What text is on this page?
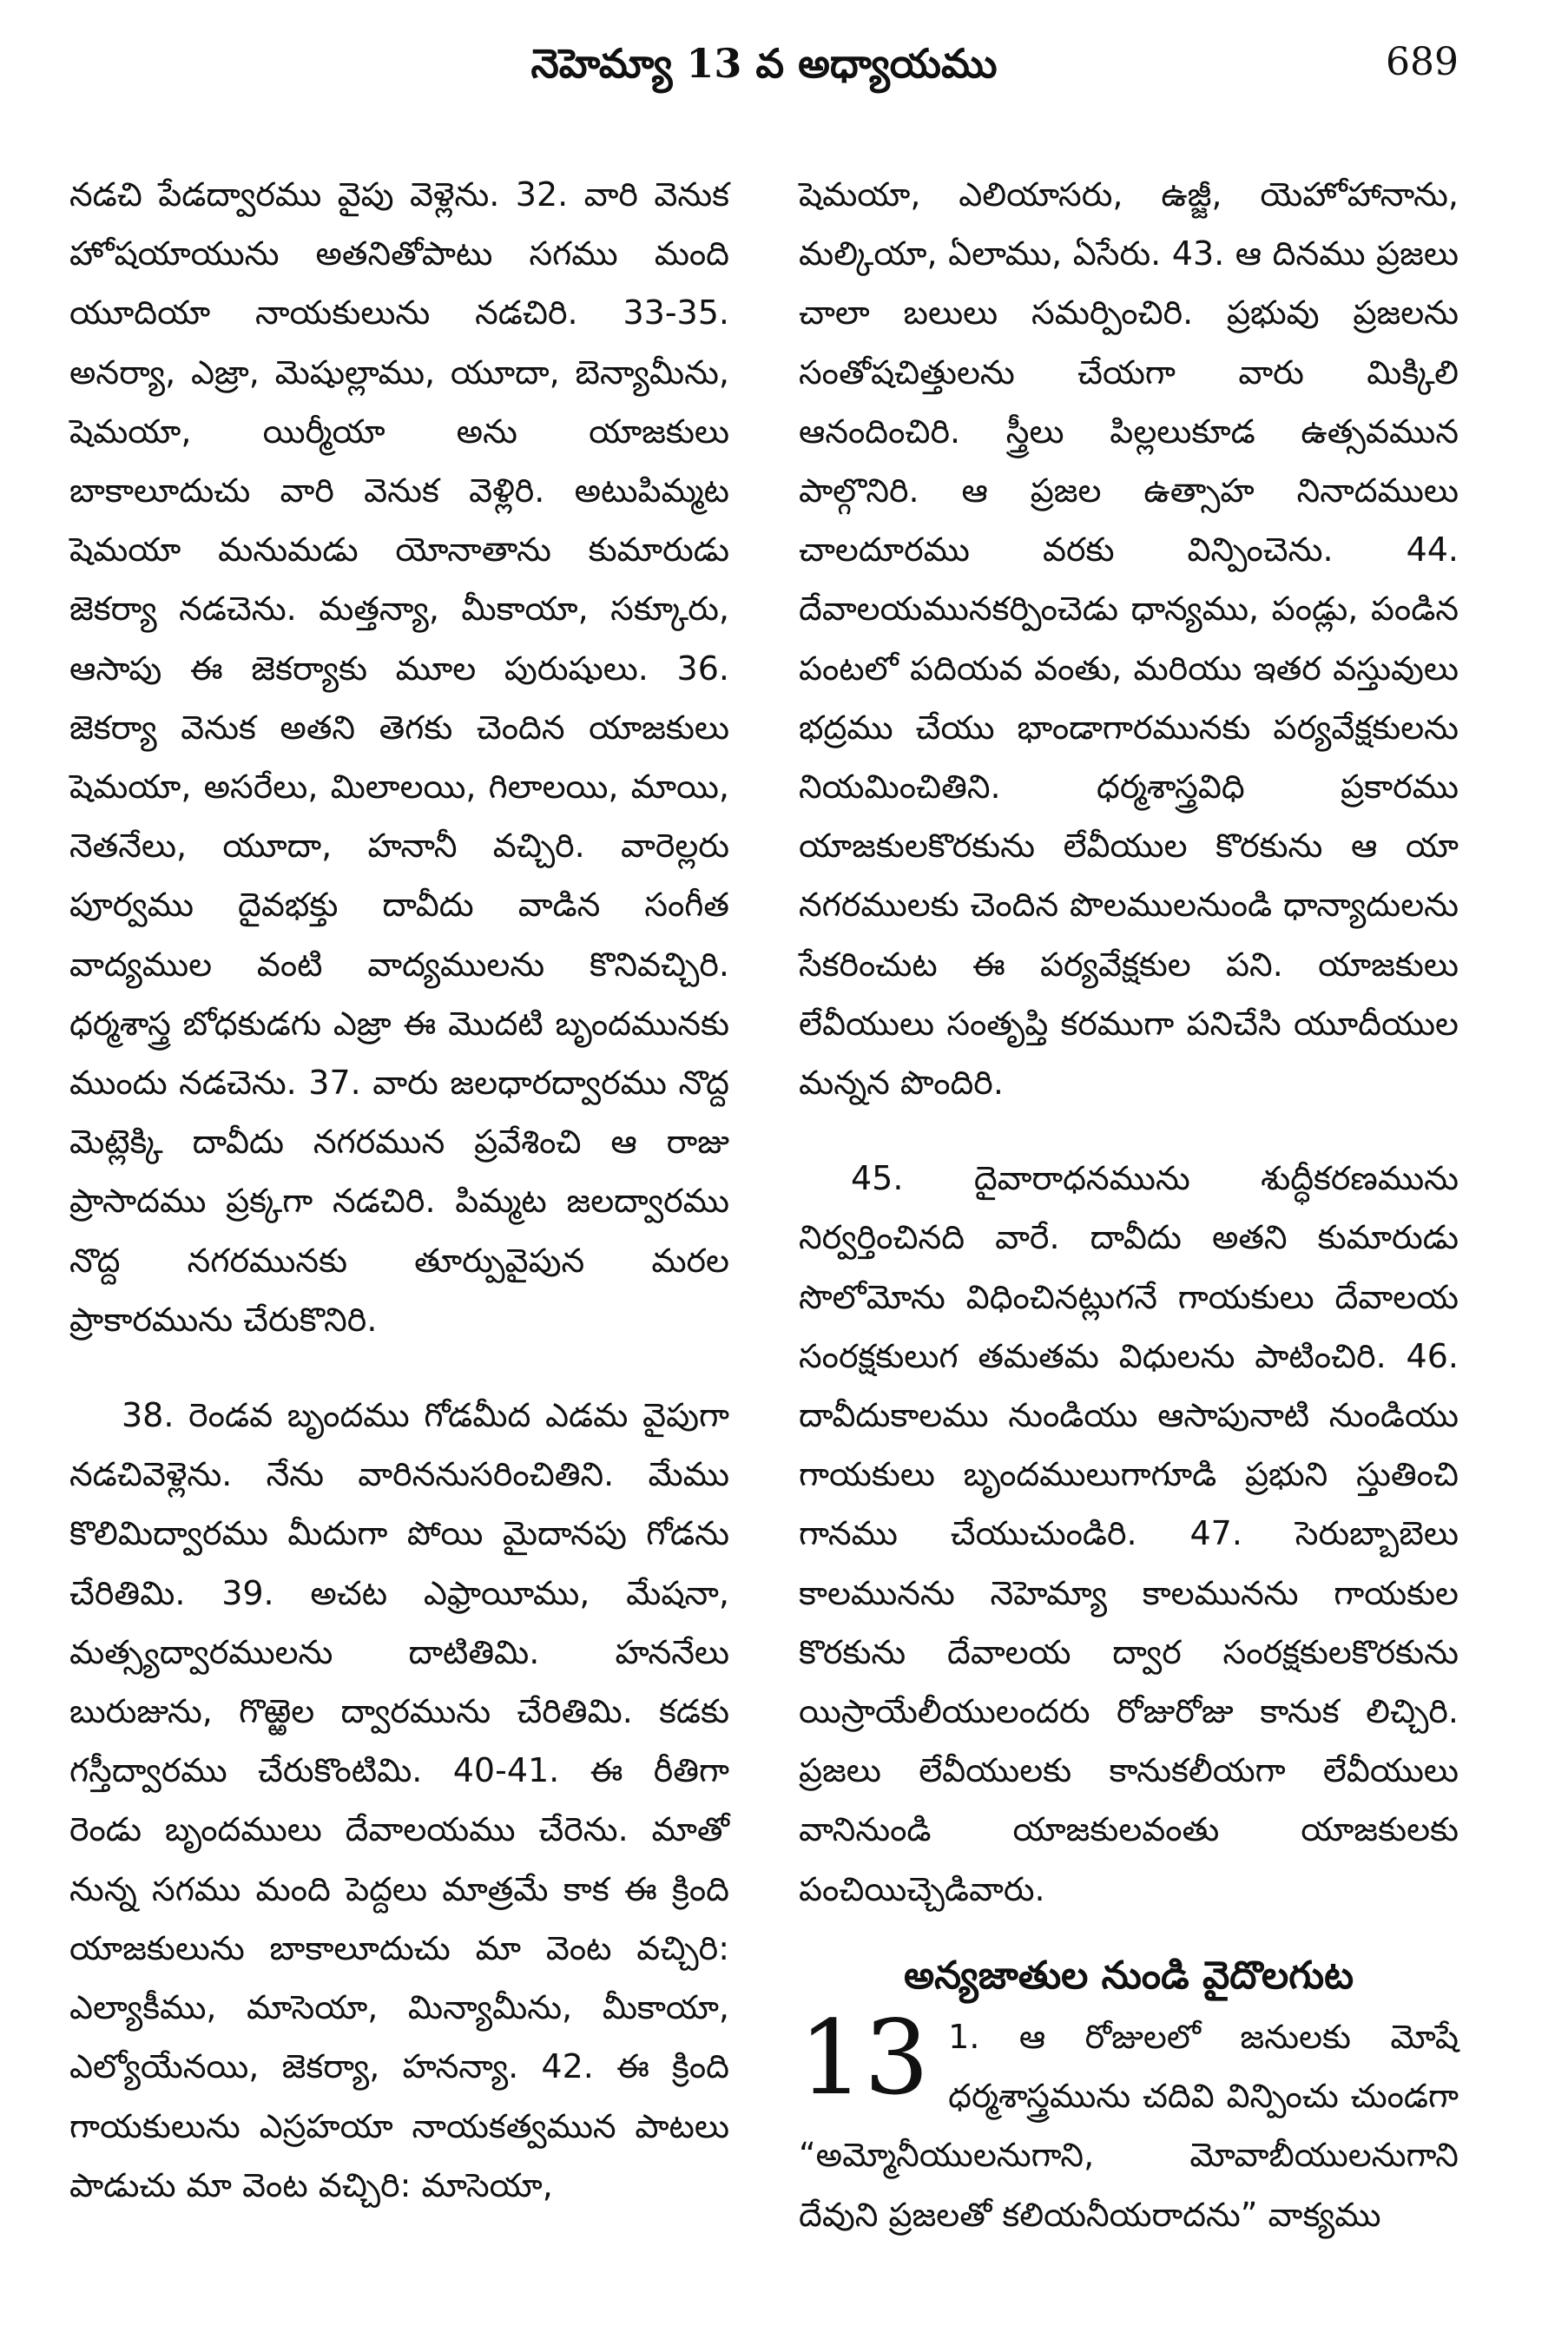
నెహెమ్యా 13 వ అధ్యాయము	689

నడచి పేడద్వారము వైపు వెళ్లెను. 32. వారి వెనుక హోషయాయును అతనితోపాటు సగము మంది యూదియా నాయకులును నడచిరి. 33-35. అనర్యా, ఎజ్రా, మెషుల్లాము, యూదా, బెన్యామీను, షెమయా, యిర్మీయా అను యాజకులు బాకాలూదుచు వారి వెనుక వెళ్లిరి. అటుపిమ్మట షెమయా మనుమడు యోనాతాను కుమారుడు జెకర్యా నడచెను. మత్తన్యా, మీకాయా, సక్కూరు, ఆసాపు ఈ జెకర్యాకు మూల పురుషులు. 36. జెకర్యా వెనుక అతని తెగకు చెందిన యాజకులు షెమయా, అసరేలు, మిలాలయి, గిలాలయి, మాయి, నెతనేలు, యూదా, హనానీ వచ్చిరి. వారెల్లరు పూర్వము దైవభక్తు దావీదు వాడిన సంగీత వాద్యముల వంటి వాద్యములను కొనివచ్చిరి. ధర్మశాస్త్ర బోధకుడగు ఎజ్రా ఈ మొదటి బృందమునకు ముందు నడచెను. 37. వారు జలధారద్వారము నొద్ద మెట్లెక్కి దావీదు నగరమున ప్రవేశించి ఆ రాజు ప్రాసాదము ప్రక్కగా నడచిరి. పిమ్మట జలద్వారము నొద్ద నగరమునకు తూర్పువైపున మరల ప్రాకారమును చేరుకొనిరి.

38. రెండవ బృందము గోడమీద ఎడమ వైపుగా నడచివెళ్లెను. నేను వారిననుసరించితిని. మేము కొలిమిద్వారము మీదుగా పోయి మైదానపు గోడను చేరితిమి. 39. అచట ఎఫ్రాయీము, మేషనా, మత్స్యద్వారములను దాటితిమి. హననేలు బురుజును, గొఱ్ఱెల ద్వారమును చేరితిమి. కడకు గస్తీద్వారము చేరుకొంటిమి. 40-41. ఈ రీతిగా రెండు బృందములు దేవాలయము చేరెను. మాతో నున్న సగము మంది పెద్దలు మాత్రమే కాక ఈ క్రింది యాజకులును బాకాలూదుచు మా వెంట వచ్చిరి: ఎల్యాకీము, మాసెయా, మిన్యామీను, మీకాయా, ఎల్యోయేనయి, జెకర్యా, హనన్యా. 42. ఈ క్రింది గాయకులును ఎస్రహయా నాయకత్వమున పాటలు పాడుచు మా వెంట వచ్చిరి: మాసెయా,

షెమయా, ఎలియాసరు, ఉజ్జీ, యెహోహానాను, మల్కియా, ఏలాము, ఏసేరు. 43. ఆ దినము ప్రజలు చాలా బలులు సమర్పించిరి. ప్రభువు ప్రజలను సంతోషచిత్తులను చేయగా వారు మిక్కిలి ఆనందించిరి. స్త్రీలు పిల్లలుకూడ ఉత్సవమున పాల్గొనిరి. ఆ ప్రజల ఉత్సాహ నినాదములు చాలదూరము వరకు విన్పించెను. 44. దేవాలయమునకర్పించెడు ధాన్యము, పండ్లు, పండిన పంటలో పదియవ వంతు, మరియు ఇతర వస్తువులు భద్రము చేయు భాండాగారమునకు పర్యవేక్షకులను నియమించితిని. ధర్మశాస్త్రవిధి ప్రకారము యాజకులకొరకును లేవీయుల కొరకును ఆ యా నగరములకు చెందిన పొలములనుండి ధాన్యాదులను సేకరించుట ఈ పర్యవేక్షకుల పని. యాజకులు లేవీయులు సంతృప్తి కరముగా పనిచేసి యూదీయుల మన్నన పొందిరి.

45. దైవారాధనమును శుద్ధీకరణమును నిర్వర్తించినది వారే. దావీదు అతని కుమారుడు సొలోమోను విధించినట్లుగనే గాయకులు దేవాలయ సంరక్షకులుగ తమతమ విధులను పాటించిరి. 46. దావీదుకాలము నుండియు ఆసాపునాటి నుండియు గాయకులు బృందములుగాగూడి ప్రభుని స్తుతించి గానము చేయుచుండిరి. 47. సెరుబ్బాబెలు కాలమునను నెహెమ్యా కాలమునను గాయకుల కొరకును దేవాలయ ద్వార సంరక్షకులకొరకును యిస్రాయేలీయులందరు రోజురోజు కానుక లిచ్చిరి. ప్రజలు లేవీయులకు కానుకలీయగా లేవీయులు వానినుండి యాజకులవంతు యాజకులకు పంచియిచ్చెడివారు.

అన్యజాతుల నుండి వైదొలగుట

13 1. ఆ రోజులలో జనులకు మోషే ధర్మశాస్త్రమును చదివి విన్పించు చుండగా “అమ్మోనీయులనుగాని, మోవాబీయులనుగాని దేవుని ప్రజలతో కలియనీయరాదను” వాక్యము
